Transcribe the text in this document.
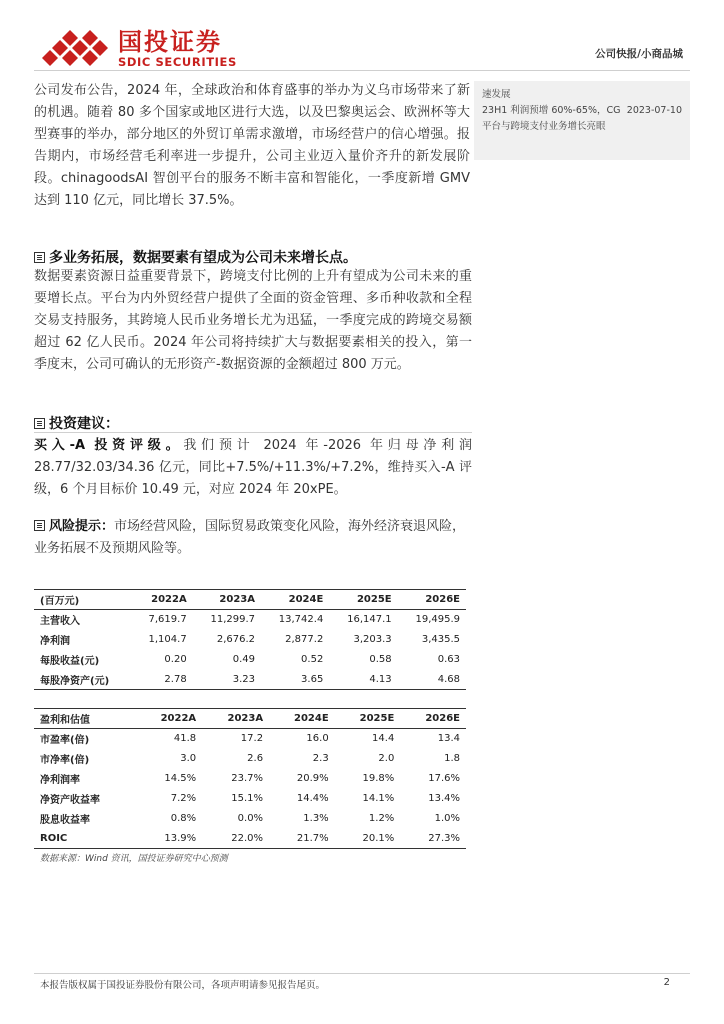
国投证券
SDIC SECURITIES
公司快报/小商品城
速发展
23H1 利润预增 60%-65%，CG 平台与跨境支付业务增长亮眼
2023-07-10
公司发布公告，2024 年，全球政治和体育盛事的举办为义乌市场带来了新的机遇。随着 80 多个国家或地区进行大选，以及巴黎奥运会、欧洲杯等大型赛事的举办，部分地区的外贸订单需求激增，市场经营户的信心增强。报告期内，市场经营毛利率进一步提升，公司主业迈入量价齐升的新发展阶段。chinagoodsAI 智创平台的服务不断丰富和智能化，一季度新增 GMV 达到 110 亿元，同比增长 37.5%。
多业务拓展，数据要素有望成为公司未来增长点。
数据要素资源日益重要背景下，跨境支付比例的上升有望成为公司未来的重要增长点。平台为内外贸经营户提供了全面的资金管理、多币种收款和全程交易支持服务，其跨境人民币业务增长尤为迅猛，一季度完成的跨境交易额超过 62 亿人民币。2024 年公司将持续扩大与数据要素相关的投入，第一季度末，公司可确认的无形资产-数据资源的金额超过 800 万元。
投资建议：
买入-A 投资评级。我们预计 2024 年-2026 年归母净利润 28.77/32.03/34.36 亿元，同比+7.5%/+11.3%/+7.2%，维持买入-A 评级，6 个月目标价 10.49 元，对应 2024 年 20xPE。
风险提示：市场经营风险，国际贸易政策变化风险，海外经济衰退风险，业务拓展不及预期风险等。
(百万元)	2022A	2023A	2024E	2025E	2026E
主营收入	7,619.7	11,299.7	13,742.4	16,147.1	19,495.9
净利润	1,104.7	2,676.2	2,877.2	3,203.3	3,435.5
每股收益(元)	0.20	0.49	0.52	0.58	0.63
每股净资产(元)	2.78	3.23	3.65	4.13	4.68
盈利和估值	2022A	2023A	2024E	2025E	2026E
市盈率(倍)	41.8	17.2	16.0	14.4	13.4
市净率(倍)	3.0	2.6	2.3	2.0	1.8
净利润率	14.5%	23.7%	20.9%	19.8%	17.6%
净资产收益率	7.2%	15.1%	14.4%	14.1%	13.4%
股息收益率	0.8%	0.0%	1.3%	1.2%	1.0%
ROIC	13.9%	22.0%	21.7%	20.1%	27.3%
数据来源：Wind 资讯，国投证券研究中心预测
本报告版权属于国投证券股份有限公司，各项声明请参见报告尾页。	2
